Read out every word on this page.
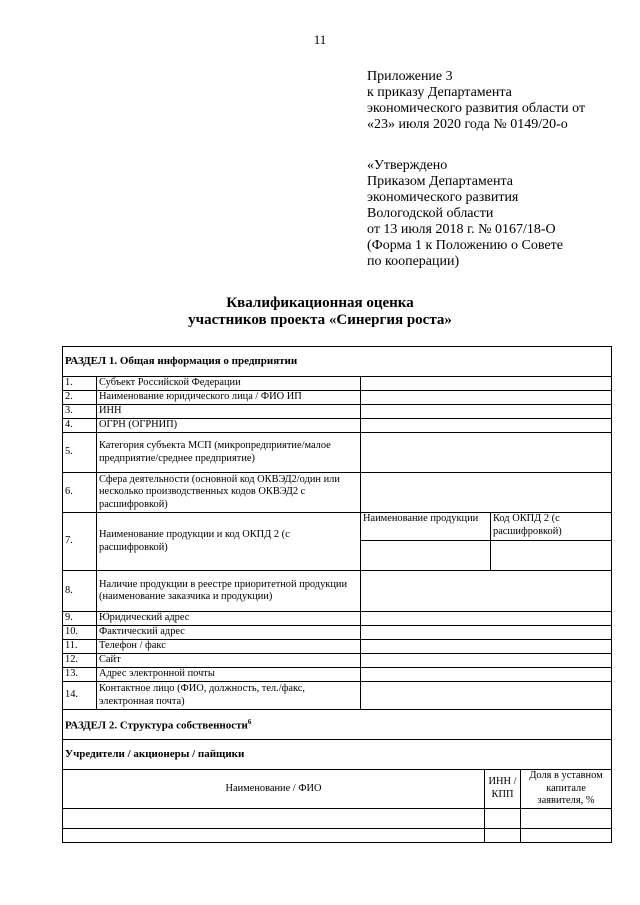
11
Приложение 3
к приказу Департамента
экономического развития области от
«23» июля 2020 года № 0149/20-о
«Утверждено
Приказом Департамента
экономического развития
Вологодской области
от 13 июля 2018 г. № 0167/18-О
(Форма 1 к Положению о Совете
по кооперации)
Квалификационная оценка
участников проекта «Синергия роста»
РАЗДЕЛ 1. Общая информация о предприятии					
1.	Субъект Российской Федерации				
2.	Наименование юридического лица / ФИО ИП				
3.	ИНН				
4.	ОГРН (ОГРНИП)				
5.	Категория субъекта МСП (микропредприятие/малое предприятие/среднее предприятие)				
6.	Сфера деятельности (основной код ОКВЭД2/один или несколько производственных кодов ОКВЭД2 с расшифровкой)				
7.	Наименование продукции и код ОКПД 2 (с расшифровкой)	Наименование продукции		Код ОКПД 2 (с расшифровкой)	

8.	Наличие продукции в реестре приоритетной продукции (наименование заказчика и продукции)				
9.	Юридический адрес				
10.	Фактический адрес				
11.	Телефон / факс				
12.	Сайт				
13.	Адрес электронной почты				
14.	Контактное лицо (ФИО, должность, тел./факс, электронная почта)				
РАЗДЕЛ 2. Структура собственности$^6$
Учредители / акционеры / пайщики					
Наименование / ФИО			ИНН / КПП		Доля в уставном капитале заявителя, %
